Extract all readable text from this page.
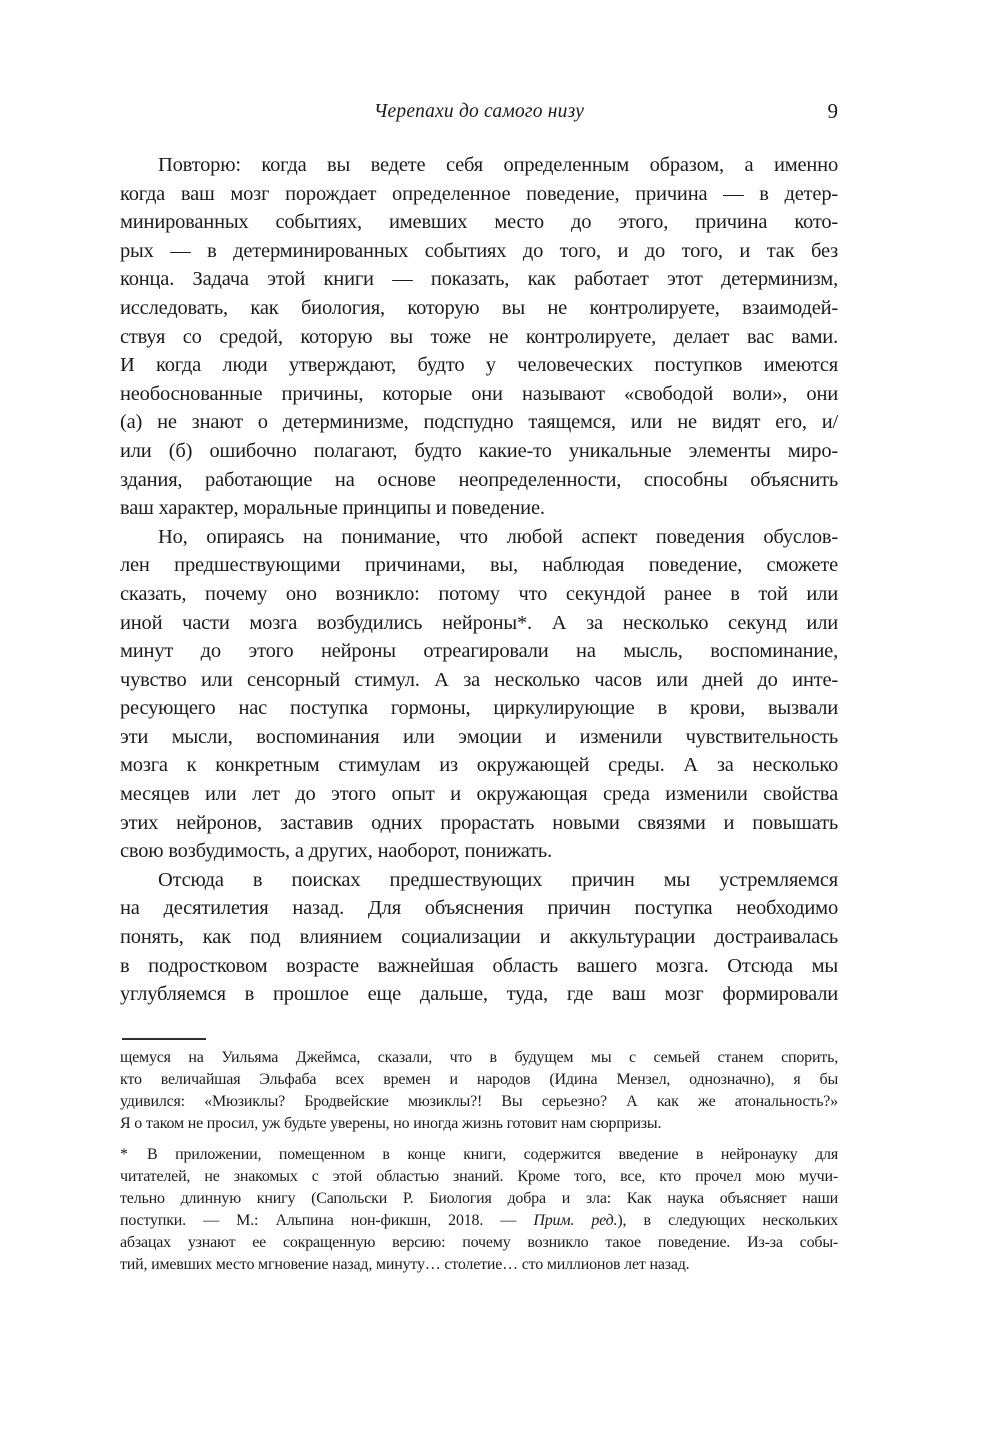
Черепахи до самого низу	9
Повторю: когда вы ведете себя определенным образом, а именно
когда ваш мозг порождает определенное поведение, причина — в детер-
минированных событиях, имевших место до этого, причина кото-
рых — в детерминированных событиях до того, и до того, и так без
конца. Задача этой книги — показать, как работает этот детерминизм,
исследовать, как биология, которую вы не контролируете, взаимодей-
ствуя со средой, которую вы тоже не контролируете, делает вас вами.
И когда люди утверждают, будто у человеческих поступков имеются
необоснованные причины, которые они называют «свободой воли», они
(а) не знают о детерминизме, подспудно таящемся, или не видят его, и/
или (б) ошибочно полагают, будто какие-то уникальные элементы миро-
здания, работающие на основе неопределенности, способны объяснить
ваш характер, моральные принципы и поведение.
Но, опираясь на понимание, что любой аспект поведения обуслов-
лен предшествующими причинами, вы, наблюдая поведение, сможете
сказать, почему оно возникло: потому что секундой ранее в той или
иной части мозга возбудились нейроны*. А за несколько секунд или
минут до этого нейроны отреагировали на мысль, воспоминание,
чувство или сенсорный стимул. А за несколько часов или дней до инте-
ресующего нас поступка гормоны, циркулирующие в крови, вызвали
эти мысли, воспоминания или эмоции и изменили чувствительность
мозга к конкретным стимулам из окружающей среды. А за несколько
месяцев или лет до этого опыт и окружающая среда изменили свойства
этих нейронов, заставив одних прорастать новыми связями и повышать
свою возбудимость, а других, наоборот, понижать.
Отсюда в поисках предшествующих причин мы устремляемся
на десятилетия назад. Для объяснения причин поступка необходимо
понять, как под влиянием социализации и аккультурации достраивалась
в подростковом возрасте важнейшая область вашего мозга. Отсюда мы
углубляемся в прошлое еще дальше, туда, где ваш мозг формировали
щемуся на Уильяма Джеймса, сказали, что в будущем мы с семьей станем спорить,
кто величайшая Эльфаба всех времен и народов (Идина Мензел, однозначно), я бы
удивился: «Мюзиклы? Бродвейские мюзиклы?! Вы серьезно? А как же атональность?»
Я о таком не просил, уж будьте уверены, но иногда жизнь готовит нам сюрпризы.
* В приложении, помещенном в конце книги, содержится введение в нейронауку для
читателей, не знакомых с этой областью знаний. Кроме того, все, кто прочел мою мучи-
тельно длинную книгу (Сапольски Р. Биология добра и зла: Как наука объясняет наши
поступки. — М.: Альпина нон-фикшн, 2018. — Прим. ред.), в следующих нескольких
абзацах узнают ее сокращенную версию: почему возникло такое поведение. Из-за собы-
тий, имевших место мгновение назад, минуту… столетие… сто миллионов лет назад.
